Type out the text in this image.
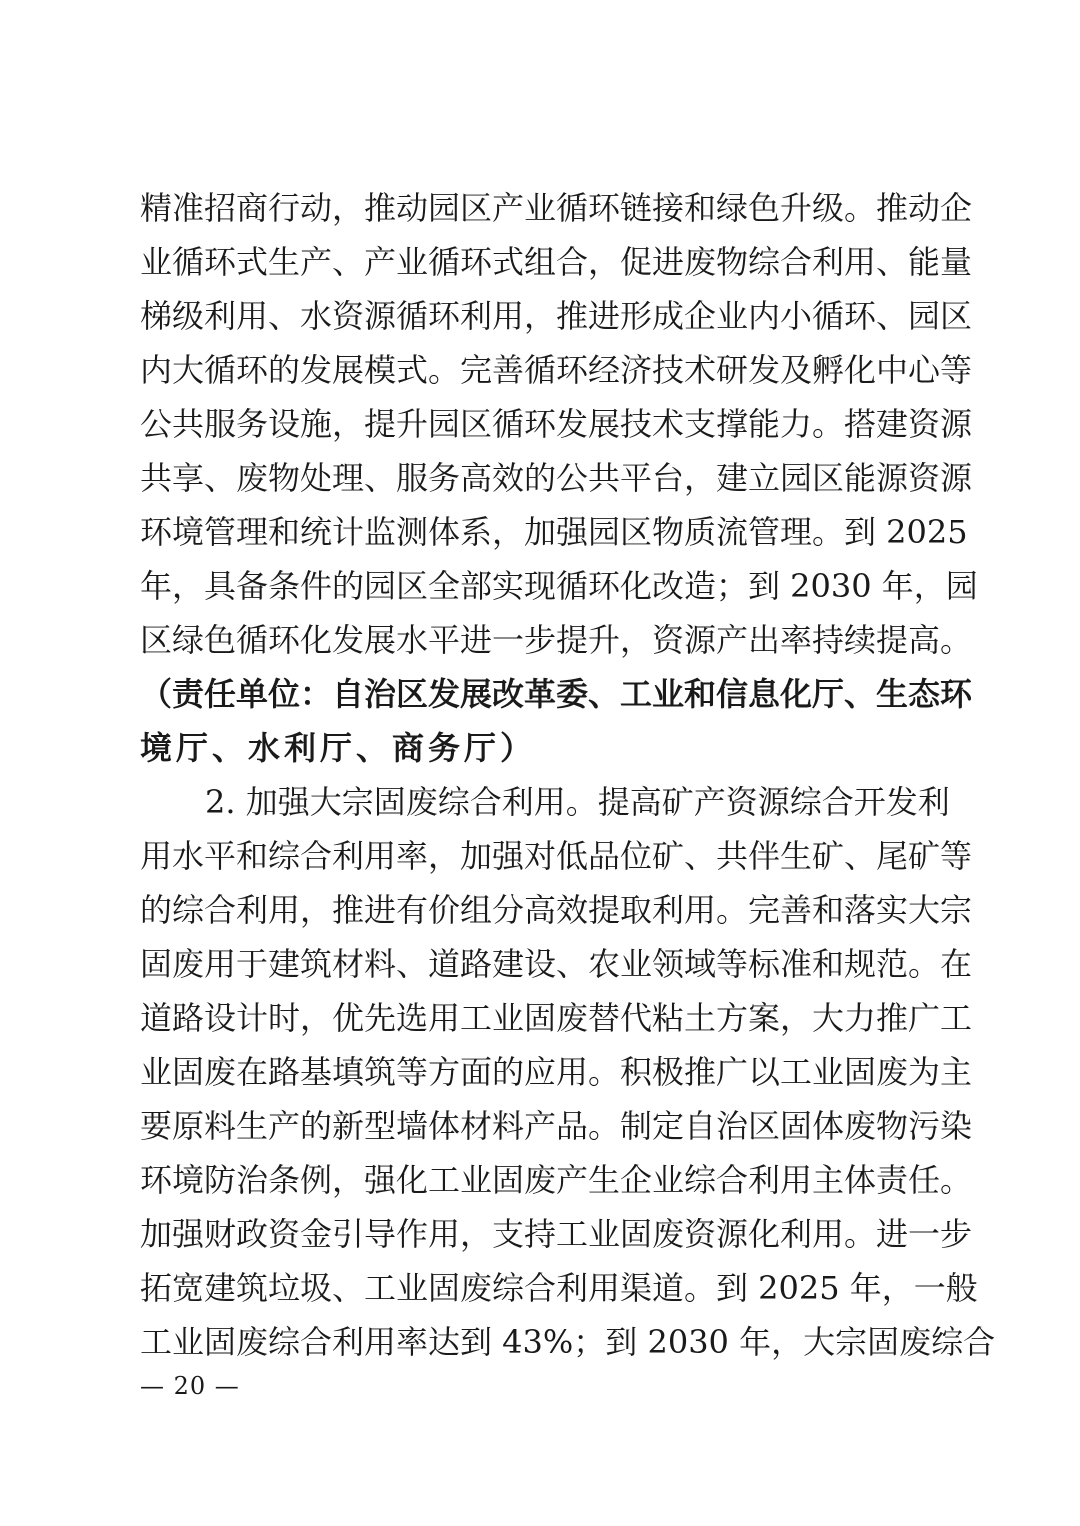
精准招商行动，推动园区产业循环链接和绿色升级。推动企
业循环式生产、产业循环式组合，促进废物综合利用、能量
梯级利用、水资源循环利用，推进形成企业内小循环、园区
内大循环的发展模式。完善循环经济技术研发及孵化中心等
公共服务设施，提升园区循环发展技术支撑能力。搭建资源
共享、废物处理、服务高效的公共平台，建立园区能源资源
环境管理和统计监测体系，加强园区物质流管理。到 2025
年，具备条件的园区全部实现循环化改造；到 2030 年，园
区绿色循环化发展水平进一步提升，资源产出率持续提高。
（责任单位：自治区发展改革委、工业和信息化厅、生态环
境厅、水利厅、商务厅）
2. 加强大宗固废综合利用。提高矿产资源综合开发利
用水平和综合利用率，加强对低品位矿、共伴生矿、尾矿等
的综合利用，推进有价组分高效提取利用。完善和落实大宗
固废用于建筑材料、道路建设、农业领域等标准和规范。在
道路设计时，优先选用工业固废替代粘土方案，大力推广工
业固废在路基填筑等方面的应用。积极推广以工业固废为主
要原料生产的新型墙体材料产品。制定自治区固体废物污染
环境防治条例，强化工业固废产生企业综合利用主体责任。
加强财政资金引导作用，支持工业固废资源化利用。进一步
拓宽建筑垃圾、工业固废综合利用渠道。到 2025 年，一般
工业固废综合利用率达到 43%；到 2030 年，大宗固废综合
— 20 —
